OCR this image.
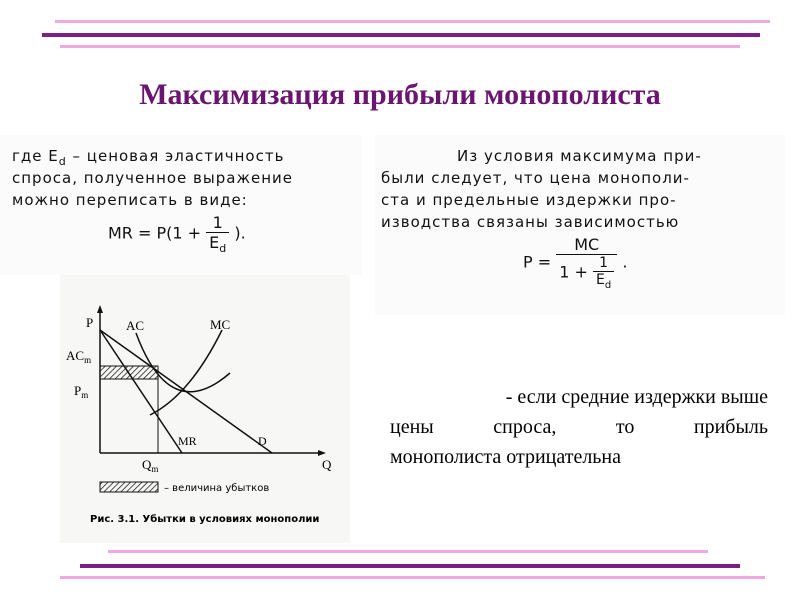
Максимизация прибыли монополиста
где $E_d$ – ценовая эластичность
спроса, полученное выражение
можно переписать в виде:
MR = $P(1 + \frac{1}{E_d}$ ).
Из условия максимума при-
были следует, что цена монополи-
ста и предельные издержки про-
изводства связаны зависимостью
$P = \frac{MC}{1 + \frac{1}{E_d}}$ .
P
Q
AC	MC
$AC_m$
$P_m$
MR	D
$Q_m$
– величина убытков
Рис. 3.1. Убытки в условиях монополии
- если средние издержки выше
цены спроса, то прибыль
монополиста отрицательна
